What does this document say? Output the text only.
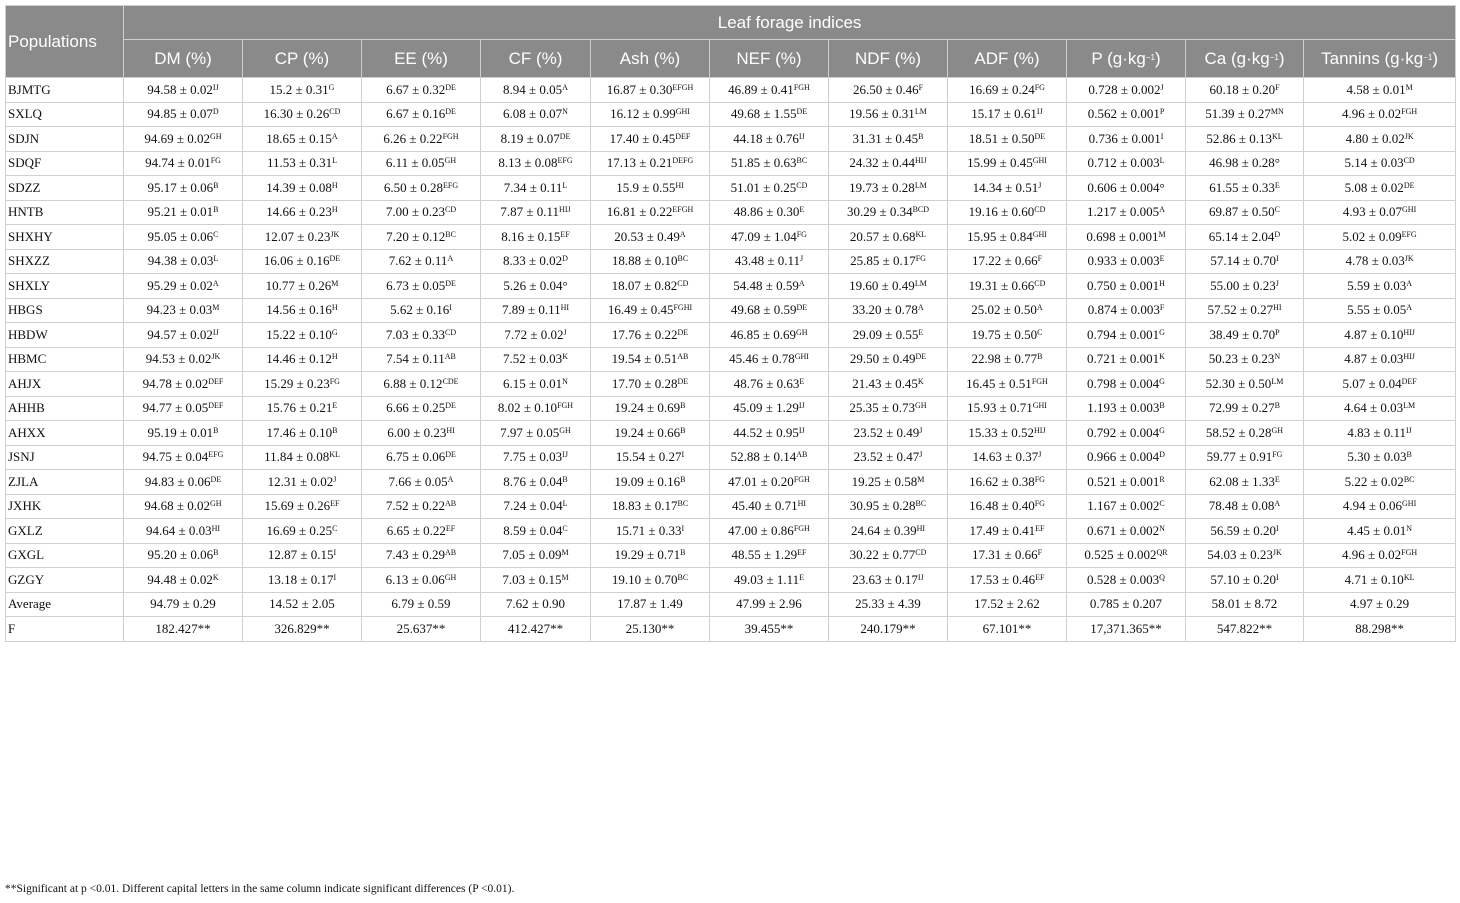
Populations	Leaf forage indices										
	DM (%)	CP (%)	EE (%)	CF (%)	Ash (%)	NEF (%)	NDF (%)	ADF (%)	P $(g\cdot kg^{-1})$	Ca $(g\cdot kg^{-1})$	Tannins $(g\cdot kg^{-1})$
BJMTG	$94.58 \pm 0.02^{IJ}$	$15.2 \pm 0.31^G$	6.67 ± 0.32DE	$8.94 \pm 0.05^A$	$16.87 \pm 0.30^{EFGH}$	$46.89 \pm 0.41^{FGH}$	$26.50 \pm 0.46^F$	$16.69 \pm 0.24^{FG}$	$0.728 \pm 0.002^J$	$60.18 \pm 0.20^F$	$4.58 \pm 0.01^M$
SXLQ	$94.85 \pm 0.07^D$	$16.30 \pm 0.26^{CD}$	6.67 ± 0.16DE	$6.08 \pm 0.07^N$	$16.12 \pm 0.99^{GHI}$	49.68 ± 1.55DE	$19.56 \pm 0.31^{LM}$	$15.17 \pm 0.61^{IJ}$	$0.562 \pm 0.001^P$	$51.39 \pm 0.27^{MN}$	$4.96 \pm 0.02^{FGH}$
SDJN	$94.69 \pm 0.02^{GH}$	$18.65 \pm 0.15^A$	$6.26 \pm 0.22^{FGH}$	8.19 ± 0.07DE	$17.40 \pm 0.45^{DEF}$	$44.18 \pm 0.76^{IJ}$	$31.31 \pm 0.45^B$	18.51 ± 0.50DE	$0.736 \pm 0.001^I$	$52.86 \pm 0.13^{KL}$	$4.80 \pm 0.02^{JK}$
SDQF	$94.74 \pm 0.01^{FG}$	$11.53 \pm 0.31^L$	$6.11 \pm 0.05^{GH}$	$8.13 \pm 0.08^{EFG}$	$17.13 \pm 0.21^{DEFG}$	$51.85 \pm 0.63^{BC}$	$24.32 \pm 0.44^{HIJ}$	$15.99 \pm 0.45^{GHI}$	$0.712 \pm 0.003^L$	46.98 ± 0.28°	$5.14 \pm 0.03^{CD}$
SDZZ	$95.17 \pm 0.06^B$	$14.39 \pm 0.08^H$	$6.50 \pm 0.28^{EFG}$	$7.34 \pm 0.11^L$	$15.9 \pm 0.55^{HI}$	$51.01 \pm 0.25^{CD}$	$19.73 \pm 0.28^{LM}$	$14.34 \pm 0.51^J$	0.606 ± 0.004°	$61.55 \pm 0.33^E$	5.08 ± 0.02DE
HNTB	$95.21 \pm 0.01^B$	$14.66 \pm 0.23^H$	$7.00 \pm 0.23^{CD}$	$7.87 \pm 0.11^{HIJ}$	$16.81 \pm 0.22^{EFGH}$	$48.86 \pm 0.30^E$	$30.29 \pm 0.34^{BCD}$	$19.16 \pm 0.60^{CD}$	$1.217 \pm 0.005^A$	$69.87 \pm 0.50^C$	$4.93 \pm 0.07^{GHI}$
SHXHY	$95.05 \pm 0.06^C$	$12.07 \pm 0.23^{JK}$	$7.20 \pm 0.12^{BC}$	$8.16 \pm 0.15^{EF}$	$20.53 \pm 0.49^A$	$47.09 \pm 1.04^{FG}$	$20.57 \pm 0.68^{KL}$	$15.95 \pm 0.84^{GHI}$	$0.698 \pm 0.001^M$	$65.14 \pm 2.04^D$	$5.02 \pm 0.09^{EFG}$
SHXZZ	$94.38 \pm 0.03^L$	16.06 ± 0.16DE	$7.62 \pm 0.11^A$	$8.33 \pm 0.02^D$	$18.88 \pm 0.10^{BC}$	$43.48 \pm 0.11^J$	$25.85 \pm 0.17^{FG}$	$17.22 \pm 0.66^F$	$0.933 \pm 0.003^E$	$57.14 \pm 0.70^I$	$4.78 \pm 0.03^{JK}$
SHXLY	$95.29 \pm 0.02^A$	$10.77 \pm 0.26^M$	6.73 ± 0.05DE	5.26 ± 0.04°	$18.07 \pm 0.82^{CD}$	$54.48 \pm 0.59^A$	$19.60 \pm 0.49^{LM}$	$19.31 \pm 0.66^{CD}$	$0.750 \pm 0.001^H$	$55.00 \pm 0.23^J$	$5.59 \pm 0.03^A$
HBGS	$94.23 \pm 0.03^M$	$14.56 \pm 0.16^H$	$5.62 \pm 0.16^I$	$7.89 \pm 0.11^{HI}$	$16.49 \pm 0.45^{FGHI}$	49.68 ± 0.59DE	$33.20 \pm 0.78^A$	$25.02 \pm 0.50^A$	$0.874 \pm 0.003^F$	$57.52 \pm 0.27^{HI}$	$5.55 \pm 0.05^A$
HBDW	$94.57 \pm 0.02^{IJ}$	$15.22 \pm 0.10^G$	$7.03 \pm 0.33^{CD}$	$7.72 \pm 0.02^J$	17.76 ± 0.22DE	$46.85 \pm 0.69^{GH}$	$29.09 \pm 0.55^E$	$19.75 \pm 0.50^C$	$0.794 \pm 0.001^G$	$38.49 \pm 0.70^P$	$4.87 \pm 0.10^{HIJ}$
HBMC	$94.53 \pm 0.02^{JK}$	$14.46 \pm 0.12^H$	$7.54 \pm 0.11^{AB}$	$7.52 \pm 0.03^K$	$19.54 \pm 0.51^{AB}$	$45.46 \pm 0.78^{GHI}$	29.50 ± 0.49DE	$22.98 \pm 0.77^B$	$0.721 \pm 0.001^K$	$50.23 \pm 0.23^N$	$4.87 \pm 0.03^{HIJ}$
AHJX	$94.78 \pm 0.02^{DEF}$	$15.29 \pm 0.23^{FG}$	$6.88 \pm 0.12^{CDE}$	$6.15 \pm 0.01^N$	17.70 ± 0.28DE	$48.76 \pm 0.63^E$	$21.43 \pm 0.45^K$	$16.45 \pm 0.51^{FGH}$	$0.798 \pm 0.004^G$	$52.30 \pm 0.50^{LM}$	$5.07 \pm 0.04^{DEF}$
AHHB	$94.77 \pm 0.05^{DEF}$	$15.76 \pm 0.21^E$	6.66 ± 0.25DE	$8.02 \pm 0.10^{FGH}$	$19.24 \pm 0.69^B$	$45.09 \pm 1.29^{IJ}$	$25.35 \pm 0.73^{GH}$	$15.93 \pm 0.71^{GHI}$	$1.193 \pm 0.003^B$	$72.99 \pm 0.27^B$	$4.64 \pm 0.03^{LM}$
AHXX	$95.19 \pm 0.01^B$	$17.46 \pm 0.10^B$	$6.00 \pm 0.23^{HI}$	$7.97 \pm 0.05^{GH}$	$19.24 \pm 0.66^B$	$44.52 \pm 0.95^{IJ}$	$23.52 \pm 0.49^J$	$15.33 \pm 0.52^{HIJ}$	$0.792 \pm 0.004^G$	$58.52 \pm 0.28^{GH}$	$4.83 \pm 0.11^{IJ}$
JSNJ	$94.75 \pm 0.04^{EFG}$	$11.84 \pm 0.08^{KL}$	6.75 ± 0.06DE	$7.75 \pm 0.03^{IJ}$	$15.54 \pm 0.27^I$	$52.88 \pm 0.14^{AB}$	$23.52 \pm 0.47^J$	$14.63 \pm 0.37^J$	$0.966 \pm 0.004^D$	$59.77 \pm 0.91^{FG}$	$5.30 \pm 0.03^B$
ZJLA	94.83 ± 0.06DE	$12.31 \pm 0.02^J$	$7.66 \pm 0.05^A$	$8.76 \pm 0.04^B$	$19.09 \pm 0.16^B$	$47.01 \pm 0.20^{FGH}$	$19.25 \pm 0.58^M$	$16.62 \pm 0.38^{FG}$	$0.521 \pm 0.001^R$	$62.08 \pm 1.33^E$	$5.22 \pm 0.02^{BC}$
JXHK	$94.68 \pm 0.02^{GH}$	$15.69 \pm 0.26^{EF}$	$7.52 \pm 0.22^{AB}$	$7.24 \pm 0.04^L$	$18.83 \pm 0.17^{BC}$	$45.40 \pm 0.71^{HI}$	$30.95 \pm 0.28^{BC}$	$16.48 \pm 0.40^{FG}$	$1.167 \pm 0.002^C$	$78.48 \pm 0.08^A$	$4.94 \pm 0.06^{GHI}$
GXLZ	$94.64 \pm 0.03^{HI}$	$16.69 \pm 0.25^C$	$6.65 \pm 0.22^{EF}$	$8.59 \pm 0.04^C$	$15.71 \pm 0.33^I$	$47.00 \pm 0.86^{FGH}$	$24.64 \pm 0.39^{HI}$	$17.49 \pm 0.41^{EF}$	$0.671 \pm 0.002^N$	$56.59 \pm 0.20^I$	$4.45 \pm 0.01^N$
GXGL	$95.20 \pm 0.06^B$	$12.87 \pm 0.15^I$	$7.43 \pm 0.29^{AB}$	$7.05 \pm 0.09^M$	$19.29 \pm 0.71^B$	$48.55 \pm 1.29^{EF}$	$30.22 \pm 0.77^{CD}$	$17.31 \pm 0.66^F$	$0.525 \pm 0.002^{QR}$	$54.03 \pm 0.23^{JK}$	$4.96 \pm 0.02^{FGH}$
GZGY	$94.48 \pm 0.02^K$	$13.18 \pm 0.17^I$	$6.13 \pm 0.06^{GH}$	$7.03 \pm 0.15^M$	$19.10 \pm 0.70^{BC}$	$49.03 \pm 1.11^E$	$23.63 \pm 0.17^{IJ}$	$17.53 \pm 0.46^{EF}$	$0.528 \pm 0.003^Q$	$57.10 \pm 0.20^I$	$4.71 \pm 0.10^{KL}$
Average	94.79 ± 0.29	14.52 ± 2.05	6.79 ± 0.59	7.62 ± 0.90	17.87 ± 1.49	47.99 ± 2.96	25.33 ± 4.39	17.52 ± 2.62	0.785 ± 0.207	58.01 ± 8.72	4.97 ± 0.29
F	182.427**	326.829**	25.637**	412.427**	25.130**	39.455**	240.179**	67.101**	17,371.365**	547.822**	88.298**
**Significant at p <0.01. Different capital letters in the same column indicate significant differences (P <0.01).
